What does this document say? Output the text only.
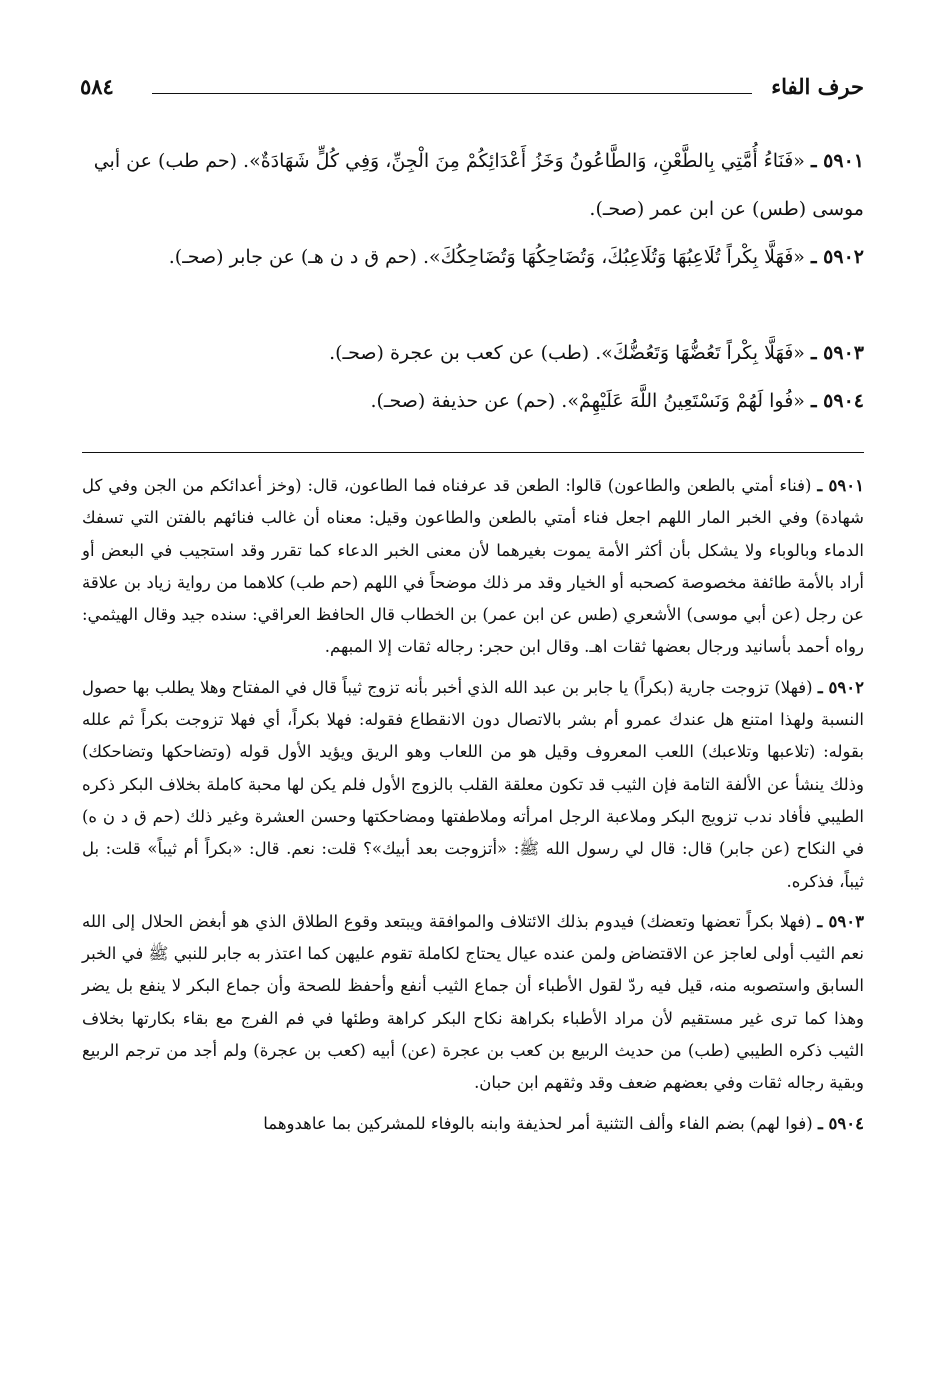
حرف الفاء
٥٨٤
٥٩٠١ ـ «فَنَاءُ أُمَّتِي بِالطَّعْنِ، وَالطَّاعُونُ وَخَزُ أَعْدَائِكُمْ مِنَ الْجِنِّ، وَفِي كُلٍّ شَهَادَةٌ». (حم طب) عن أبي موسى (طس) عن ابن عمر (صحـ).
٥٩٠٢ ـ «فَهَلَّا بِكْراً تُلَاعِبُهَا وَتُلَاعِبُكَ، وَتُضَاحِكُهَا وَتُضَاحِكُكَ». (حم ق د ن هـ) عن جابر (صحـ).
٥٩٠٣ ـ «فَهَلَّا بِكْراً تَعُضُّهَا وَتَعُضُّكَ». (طب) عن كعب بن عجرة (صحـ).
٥٩٠٤ ـ «فُوا لَهُمْ وَنَسْتَعِينُ اللَّهَ عَلَيْهِمْ». (حم) عن حذيفة (صحـ).

٥٩٠١ ـ (فناء أمتي بالطعن والطاعون) قالوا: الطعن قد عرفناه فما الطاعون، قال: (وخز أعدائكم من الجن وفي كل شهادة) وفي الخبر المار اللهم اجعل فناء أمتي بالطعن والطاعون وقيل: معناه أن غالب فنائهم بالفتن التي تسفك الدماء وبالوباء ولا يشكل بأن أكثر الأمة يموت بغيرهما لأن معنى الخبر الدعاء كما تقرر وقد استجيب في البعض أو أراد بالأمة طائفة مخصوصة كصحبه أو الخيار وقد مر ذلك موضحاً في اللهم (حم طب) كلاهما من رواية زياد بن علاقة عن رجل (عن أبي موسى) الأشعري (طس عن ابن عمر) بن الخطاب قال الحافظ العراقي: سنده جيد وقال الهيثمي: رواه أحمد بأسانيد ورجال بعضها ثقات اهـ. وقال ابن حجر: رجاله ثقات إلا المبهم.

٥٩٠٢ ـ (فهلا) تزوجت جارية (بكراً) يا جابر بن عبد الله الذي أخبر بأنه تزوج ثيباً قال في المفتاح وهلا يطلب بها حصول النسبة ولهذا امتنع هل عندك عمرو أم بشر بالاتصال دون الانقطاع فقوله: فهلا بكراً، أي فهلا تزوجت بكراً ثم علله بقوله: (تلاعبها وتلاعبك) اللعب المعروف وقيل هو من اللعاب وهو الريق ويؤيد الأول قوله (وتضاحكها وتضاحكك) وذلك ينشأ عن الألفة التامة فإن الثيب قد تكون معلقة القلب بالزوج الأول فلم يكن لها محبة كاملة بخلاف البكر ذكره الطيبي فأفاد ندب تزويج البكر وملاعبة الرجل امرأته وملاطفتها ومضاحكتها وحسن العشرة وغير ذلك (حم ق د ن ه) في النكاح (عن جابر) قال: قال لي رسول الله ﷺ: «أتزوجت بعد أبيك»؟ قلت: نعم. قال: «بكراً أم ثيباً» قلت: بل ثيباً، فذكره.

٥٩٠٣ ـ (فهلا بكراً تعضها وتعضك) فيدوم بذلك الائتلاف والموافقة ويبتعد وقوع الطلاق الذي هو أبغض الحلال إلى الله نعم الثيب أولى لعاجز عن الاقتضاض ولمن عنده عيال يحتاج لكاملة تقوم عليهن كما اعتذر به جابر للنبي ﷺ في الخبر السابق واستصوبه منه، قيل فيه ردّ لقول الأطباء أن جماع الثيب أنفع وأحفظ للصحة وأن جماع البكر لا ينفع بل يضر وهذا كما ترى غير مستقيم لأن مراد الأطباء بكراهة نكاح البكر كراهة وطئها في فم الفرج مع بقاء بكارتها بخلاف الثيب ذكره الطيبي (طب) من حديث الربيع بن كعب بن عجرة (عن) أبيه (كعب بن عجرة) ولم أجد من ترجم الربيع وبقية رجاله ثقات وفي بعضهم ضعف وقد وثقهم ابن حبان.

٥٩٠٤ ـ (فوا لهم) بضم الفاء وألف التثنية أمر لحذيفة وابنه بالوفاء للمشركين بما عاهدوهما
